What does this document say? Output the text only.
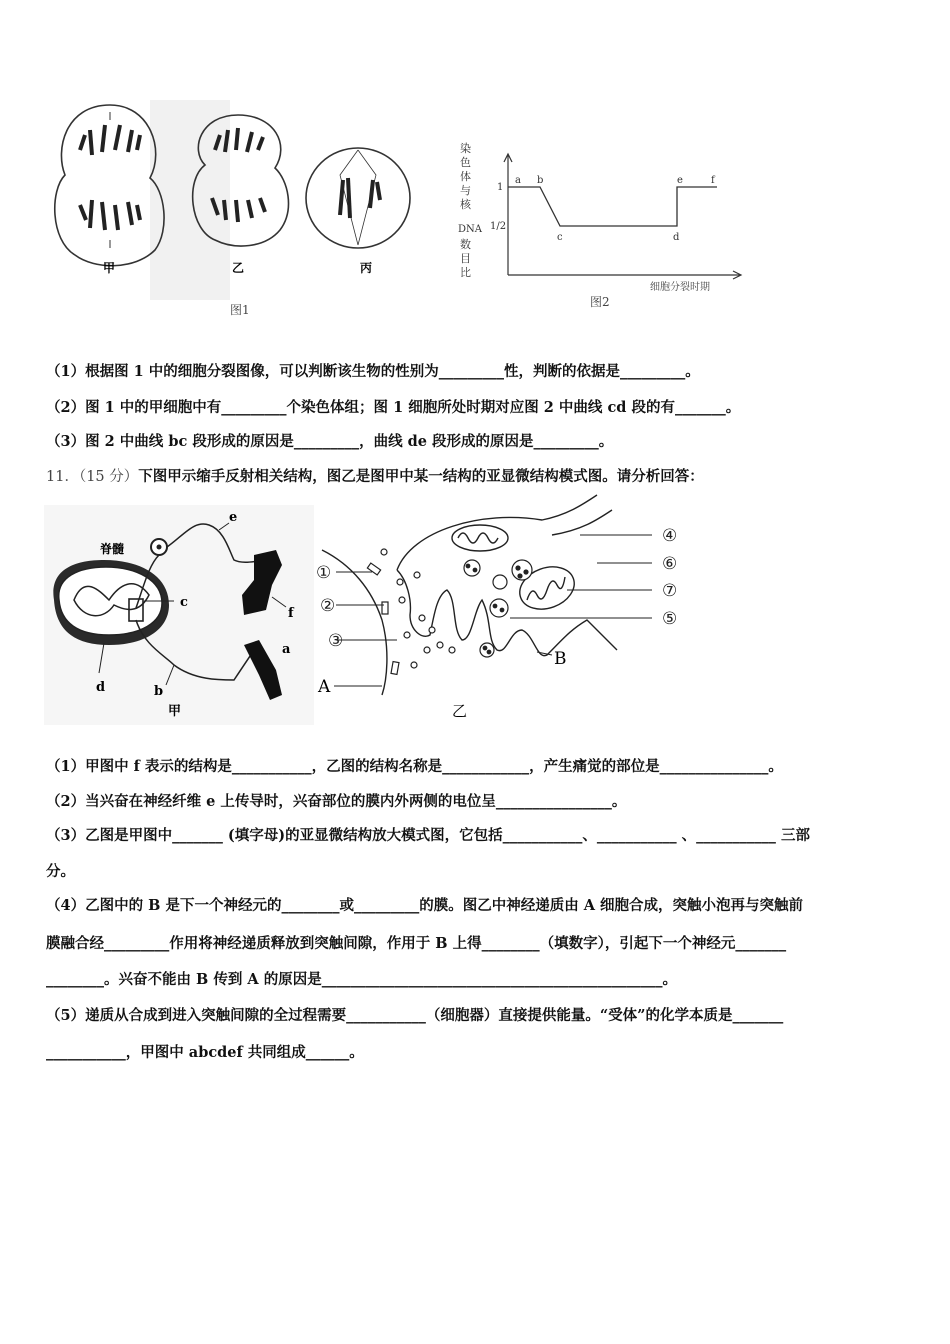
甲	乙	丙
图1
染
色
体
与
核
DNA
数
目
比
1
1/2
a b
c	d
e	f
细胞分裂时期
图2
（1）根据图 1 中的细胞分裂图像，可以判断该生物的性别为_________性，判断的依据是_________。
（2）图 1 中的甲细胞中有_________个染色体组；图 1 细胞所处时期对应图 2 中曲线 cd 段的有_______。
（3）图 2 中曲线 bc 段形成的原因是_________，曲线 de 段形成的原因是_________。
11．（15 分）下图甲示缩手反射相关结构，图乙是图甲中某一结构的亚显微结构模式图。请分析回答：
脊髓
a
b
c
d
e
f
甲
①
②
③
④
⑥
⑦
⑤
A
B
乙
（1）甲图中 f 表示的结构是___________，乙图的结构名称是____________，产生痛觉的部位是_______________。
（2）当兴奋在神经纤维 e 上传导时，兴奋部位的膜内外两侧的电位呈________________。
（3）乙图是甲图中_______ (填字母)的亚显微结构放大模式图，它包括___________、___________ 、___________ 三部
分。
（4）乙图中的 B 是下一个神经元的________或_________的膜。图乙中神经递质由 A 细胞合成，突触小泡再与突触前
膜融合经_________作用将神经递质释放到突触间隙，作用于 B 上得________（填数字），引起下一个神经元_______
________。兴奋不能由 B 传到 A 的原因是_______________________________________________。
（5）递质从合成到进入突触间隙的全过程需要___________（细胞器）直接提供能量。“受体”的化学本质是_______
___________，甲图中 abcdef 共同组成______。
